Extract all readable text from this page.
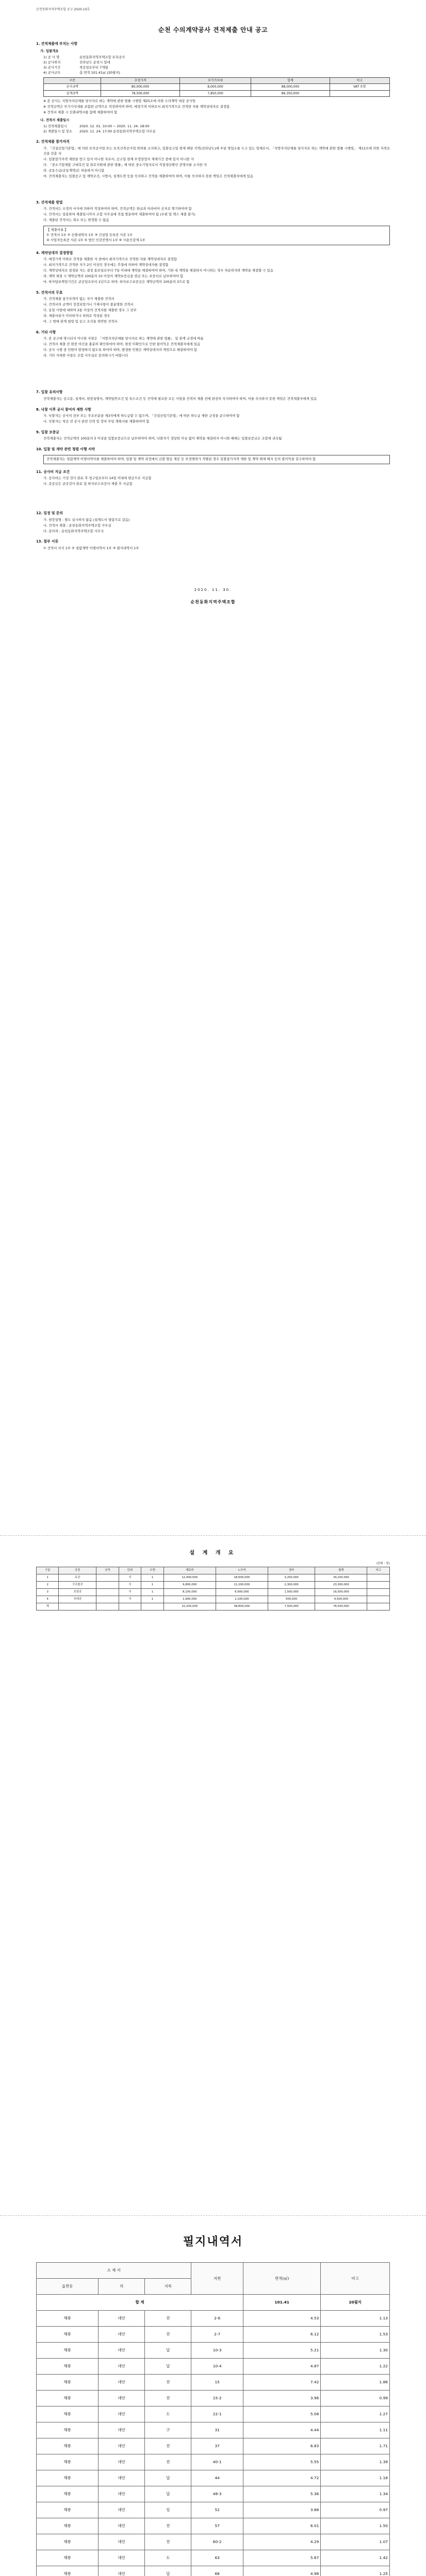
순천동화지역주택조합 공고 2020-10호
순천 수의계약공사 견적제출 안내 공고
1. 견적제출에 부치는 사항
가. 입찰개요
1) 공 사 명	순천동화지역주택조합 토목공사
2) 공사위치	전라남도 순천시 일대
3) 공사기간	착공일로부터 7개월
4) 공사규모	총 면적 101.41㎡ (20필지)
구분	추정가격	부가가치세	합계	비고
공사금액	80,000,000	8,000,000	88,000,000	VAT 포함
설계금액	78,500,000	7,850,000	86,350,000	
※ 본 공사는 지방자치단체를 당사자로 하는 계약에 관한 법률 시행령 제25조에 의한 수의계약 대상 공사임
※ 견적금액은 부가가치세를 포함한 금액으로 작성하여야 하며, 예정가격 이하로서 최저가격으로 견적한 자를 계약상대자로 결정함
※ 견적서 제출 시 산출내역서를 함께 제출하여야 함
나. 견적서 제출일시
1) 견적제출일시	2020. 12. 01. 10:00 ~ 2020. 11. 24. 18:00
2) 개찰일시 및 장소	2020. 11. 24. 17:00 순천동화지역주택조합 사무실
2. 견적제출 참가자격
가. 「건설산업기본법」에 의한 토목공사업 또는 토목건축공사업 면허를 소지하고, 입찰공고일 현재 해당 지역(전라남도)에 주된 영업소를 두고 있는 업체로서, 「지방자치단체를 당사자로 하는 계약에 관한 법률 시행령」 제13조에 의한 자격요건을 갖춘 자
나. 입찰참가자격 제한을 받고 있지 아니한 자로서, 공고일 현재 부정당업자 제재기간 중에 있지 아니한 자
다. 「중소기업제품 구매촉진 및 판로지원에 관한 법률」에 따른 중소기업자로서 직접생산확인 증명서를 소지한 자
라. 공동수급(공동계약)은 허용하지 아니함
마. 견적제출자는 입찰공고 및 계약조건, 시방서, 설계도면 등을 숙지하고 견적을 제출하여야 하며, 이를 숙지하지 못한 책임은 견적제출자에게 있음
3. 견적제출 방법
가. 견적서는 소정의 서식에 의하여 작성하여야 하며, 견적금액은 한글과 아라비아 숫자로 병기하여야 함
나. 견적서는 밀봉하여 제출일시까지 조합 사무실에 직접 방문하여 제출하여야 함 (우편 및 팩스 제출 불가)
다. 제출된 견적서는 취소 또는 변경할 수 없음
【 제출서류 】
① 견적서 1부 ② 산출내역서 1부 ③ 건설업 등록증 사본 1부
④ 사업자등록증 사본 1부 ⑤ 법인 인감증명서 1부 ⑥ 사용인감계 1부
4. 계약상대자 결정방법
가. 예정가격 이하로 견적을 제출한 자 중에서 최저가격으로 견적한 자를 계약상대자로 결정함
나. 최저가격으로 견적한 자가 2인 이상인 경우에는 추첨에 의하여 계약상대자를 결정함
다. 계약상대자로 결정된 자는 결정 통보일로부터 7일 이내에 계약을 체결하여야 하며, 기한 내 계약을 체결하지 아니하는 경우 차순위자와 계약을 체결할 수 있음
라. 계약 체결 시 계약금액의 100분의 10 이상의 계약보증금을 현금 또는 보증서로 납부하여야 함
마. 하자담보책임기간은 준공일로부터 2년으로 하며, 하자보수보증금은 계약금액의 100분의 3으로 함
5. 견적서의 무효
가. 견적제출 참가자격이 없는 자가 제출한 견적서
나. 견적서의 금액이 정정되었거나 기재사항이 불분명한 견적서
다. 동일 사항에 대하여 2통 이상의 견적서를 제출한 경우 그 전부
라. 제출서류가 미비하거나 허위로 작성된 경우
마. 그 밖에 관계 법령 및 공고 조건을 위반한 견적서
6. 기타 사항
가. 본 공고에 명시되지 아니한 사항은 「지방자치단체를 당사자로 하는 계약에 관한 법률」 및 관계 규정에 따름
나. 견적서 제출 전 현장 여건을 충분히 확인하여야 하며, 현장 미확인으로 인한 불이익은 견적제출자에게 있음
다. 공사 시행 중 민원이 발생하지 않도록 하여야 하며, 발생한 민원은 계약상대자의 책임으로 해결하여야 함
라. 기타 자세한 사항은 조합 사무실로 문의하시기 바랍니다
7. 입찰 유의사항
견적제출자는 공고문, 설계서, 현장설명서, 계약일반조건 및 특수조건 등 견적에 필요한 모든 사항을 견적서 제출 전에 완전히 숙지하여야 하며, 이를 숙지하지 못한 책임은 견적제출자에게 있음
8. 낙찰 이후 공사 참여자 제한 사항
가. 낙찰자는 공사의 전부 또는 주요부분을 제3자에게 하도급할 수 없으며, 「건설산업기본법」에 따른 하도급 제한 규정을 준수하여야 함
나. 낙찰자는 착공 전 공사 관련 인력 및 장비 투입 계획서를 제출하여야 함
9. 입찰 보증금
견적제출자는 견적금액의 100분의 5 이상을 입찰보증금으로 납부하여야 하며, 낙찰자가 정당한 이유 없이 계약을 체결하지 아니한 때에는 입찰보증금은 조합에 귀속됨
10. 입찰 및 계약 관련 청렴 이행 서약
견적제출자는 청렴계약 이행서약서를 제출하여야 하며, 입찰 및 계약 과정에서 금품·향응 제공 등 부정행위가 적발된 경우 입찰참가자격 제한 및 계약 해제·해지 등의 불이익을 감수하여야 함
11. 공사비 지급 조건
가. 공사비는 기성 검사 완료 후 청구일로부터 14일 이내에 현금으로 지급함
나. 준공금은 준공검사 완료 및 하자보수보증서 제출 후 지급함
12. 일정 및 문의
가. 현장설명 : 별도 실시하지 않음 (설계도서 열람으로 갈음)
나. 견적서 제출 : 순천동화지역주택조합 사무실
다. 문의처 : 순천동화지역주택조합 사무국
13. 첨부 서류
① 견적서 서식 1부 ② 청렴계약 이행서약서 1부 ③ 필지내역서 1부
2020. 11. 30.
순천동화지역주택조합
설 계 개 요
(단위 : 원)
구분	공종	규격	단위	수량	재료비	노무비	경비	합계	비고
1	토공		식	1	12,400,000	18,600,000	3,200,000	34,200,000	
2	구조물공		식	1	9,800,000	11,200,000	2,300,000	23,300,000	
3	포장공		식	1	8,100,000	6,900,000	1,500,000	16,500,000	
4	부대공		식	1	1,900,000	2,100,000	500,000	4,500,000	
계					32,200,000	38,800,000	7,500,000	78,500,000	
필지내역서
소 재 지			지번	면적(㎡)	비고
읍면동	리	지목			
합 계				101.41	20필지
해룡	대안	전	2-6	4.53	1.13
해룡	대안	전	2-7	6.12	1.53
해룡	대안	답	10-3	5.21	1.30
해룡	대안	답	10-4	4.87	1.22
해룡	대안	전	15	7.42	1.86
해룡	대안	전	15-2	3.96	0.99
해룡	대안	도	22-1	5.08	1.27
해룡	대안	구	31	4.44	1.11
해룡	대안	전	37	6.83	1.71
해룡	대안	전	40-1	5.55	1.39
해룡	대안	답	44	4.72	1.18
해룡	대안	답	48-3	5.36	1.34
해룡	대안	임	52	3.88	0.97
해룡	대안	전	57	6.01	1.50
해룡	대안	전	60-2	4.29	1.07
해룡	대안	도	63	5.67	1.42
해룡	대안	답	68	4.98	1.25
